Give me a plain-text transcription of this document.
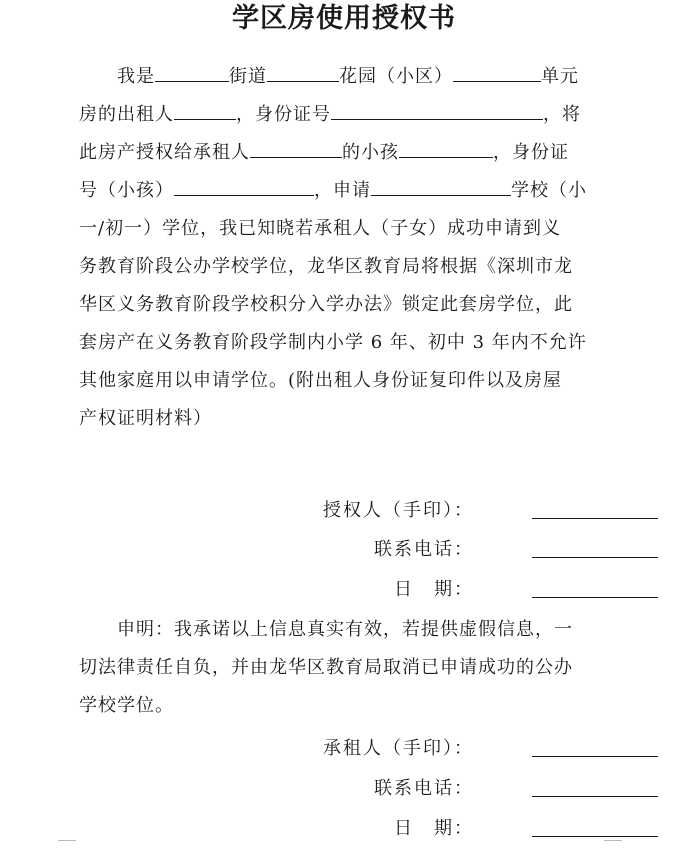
学区房使用授权书
我是	街道	花园（小区）	单元
房的出租人	，身份证号	，将
此房产授权给承租人	的小孩	，身份证
号（小孩）	，申请	学校（小
一/初一）学位，我已知晓若承租人（子女）成功申请到义
务教育阶段公办学校学位，龙华区教育局将根据《深圳市龙
华区义务教育阶段学校积分入学办法》锁定此套房学位，此
套房产在义务教育阶段学制内小学 6 年、初中 3 年内不允许
其他家庭用以申请学位。(附出租人身份证复印件以及房屋
产权证明材料）
授权人（手印）：
联系电话：
日　期：
申明：我承诺以上信息真实有效，若提供虚假信息，一
切法律责任自负，并由龙华区教育局取消已申请成功的公办
学校学位。
承租人（手印）：
联系电话：
日　期：
